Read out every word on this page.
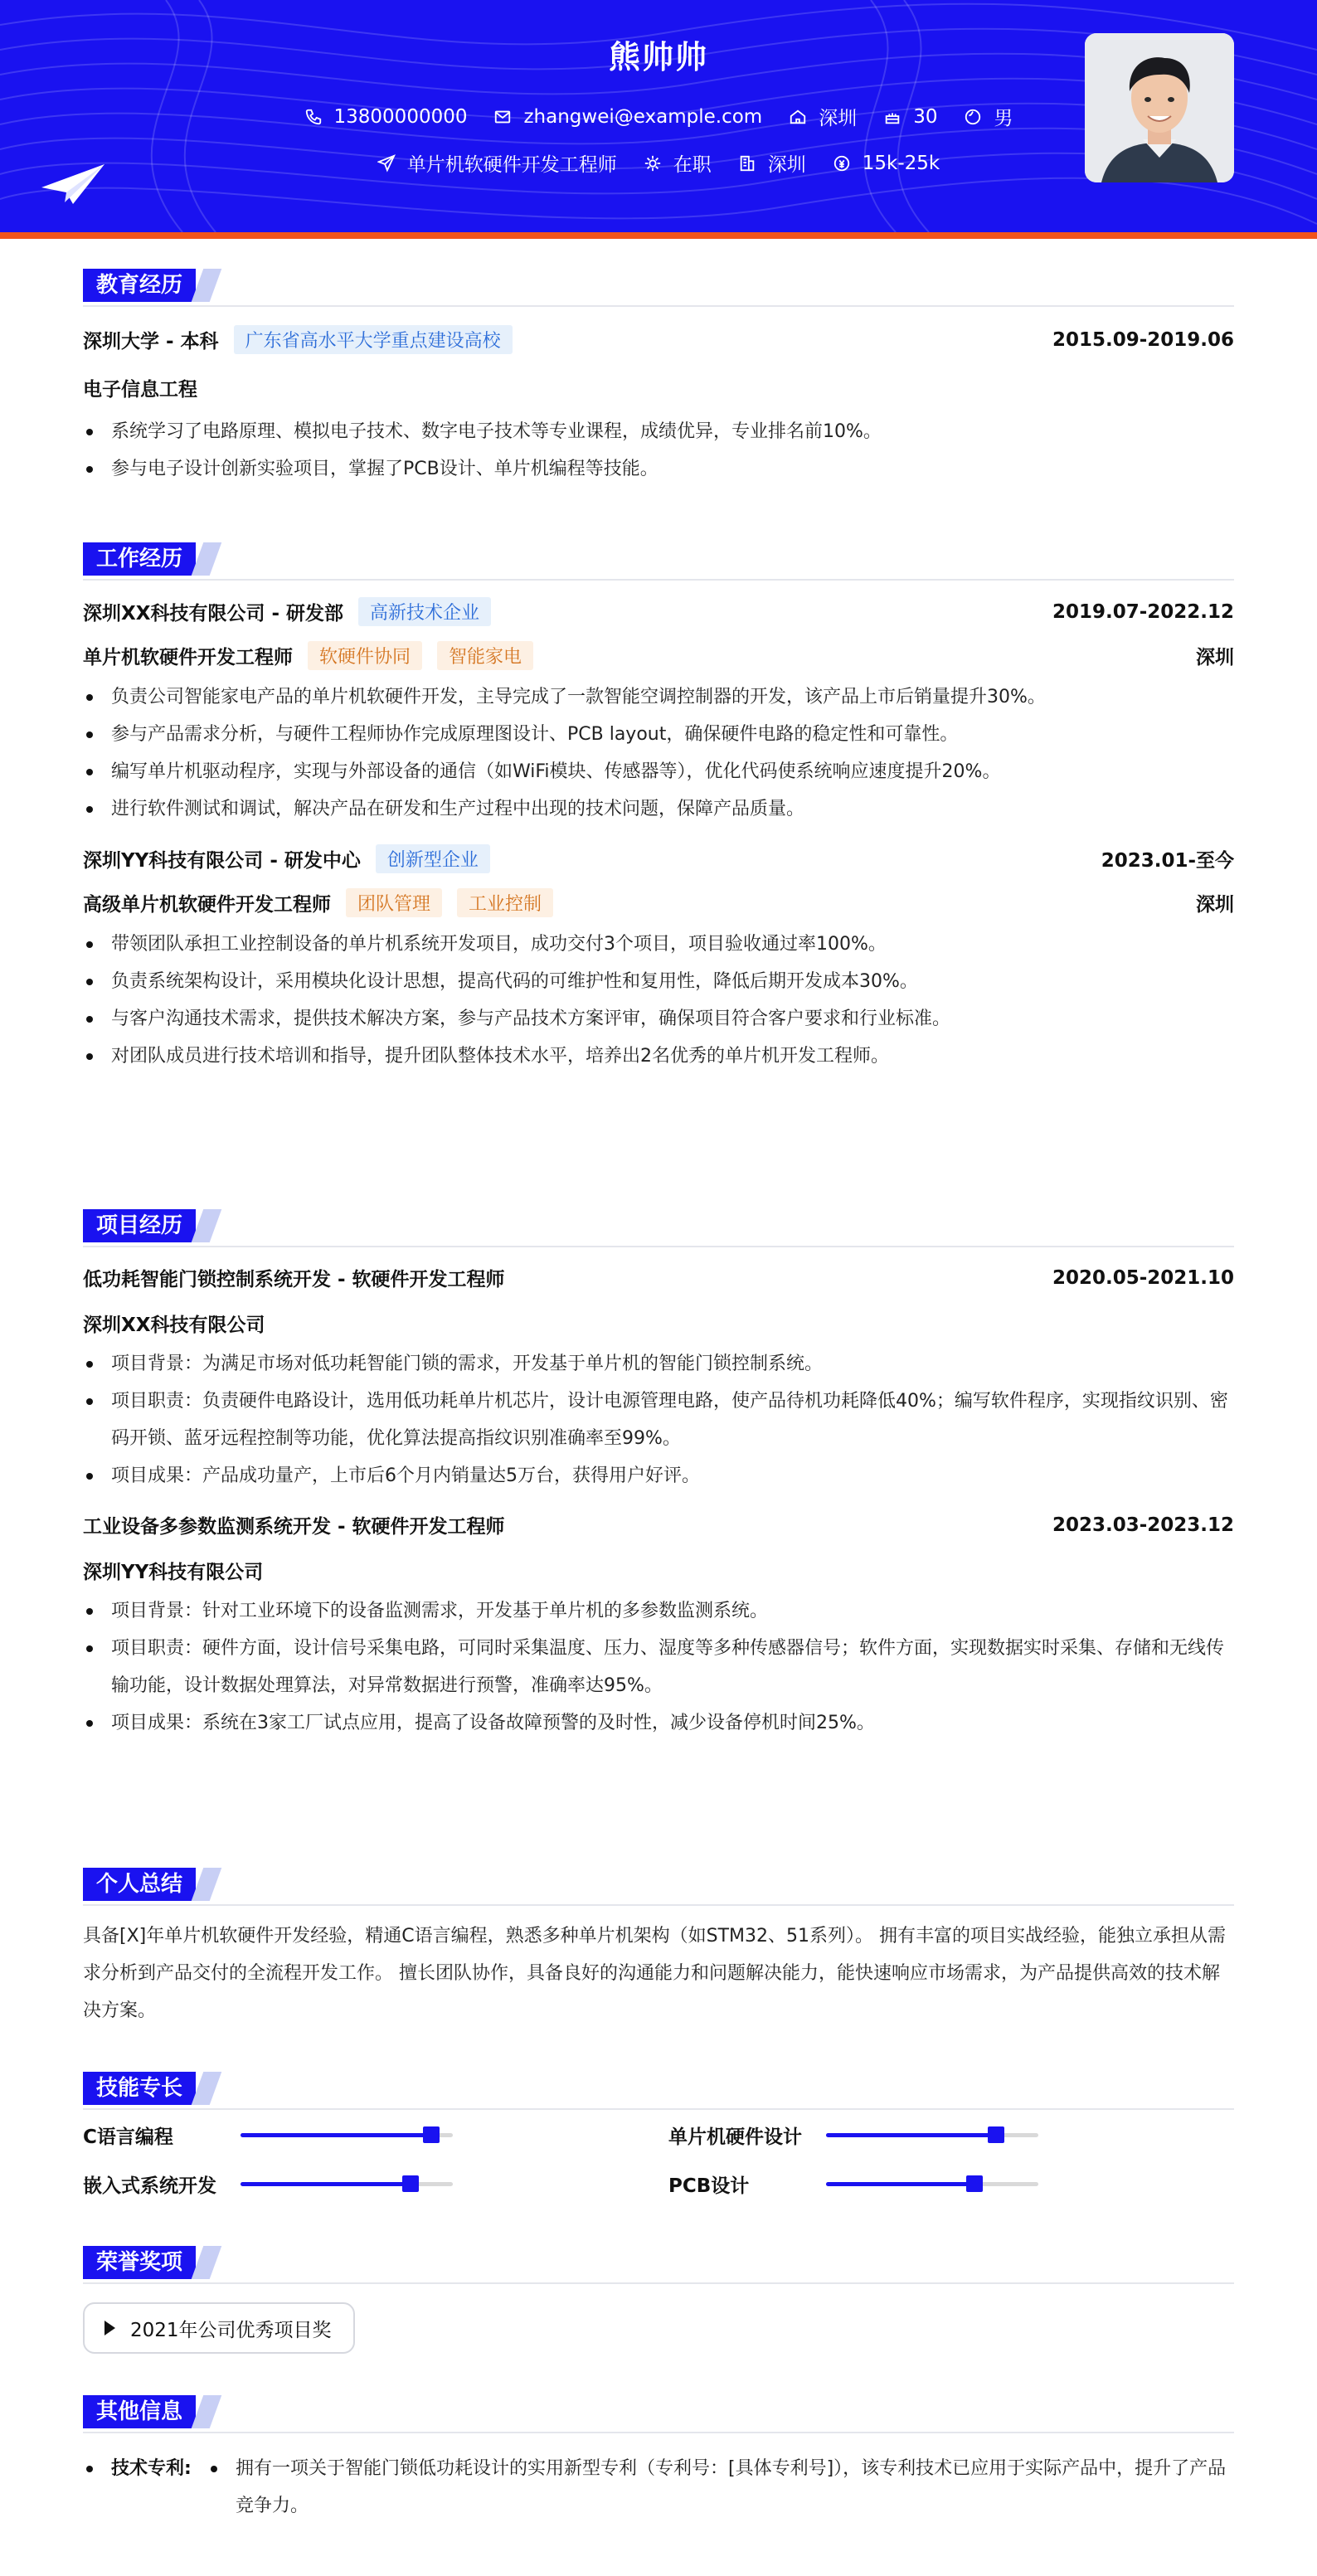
熊帅帅
13800000000	zhangwei@example.com	深圳	30	男
单片机软硬件开发工程师	在职	深圳	15k-25k
教育经历
深圳大学 - 本科	广东省高水平大学重点建设高校	2015.09-2019.06
电子信息工程
系统学习了电路原理、模拟电子技术、数字电子技术等专业课程，成绩优异，专业排名前10%。
参与电子设计创新实验项目，掌握了PCB设计、单片机编程等技能。
工作经历
深圳XX科技有限公司 - 研发部	高新技术企业	2019.07-2022.12
单片机软硬件开发工程师	软硬件协同	智能家电	深圳
负责公司智能家电产品的单片机软硬件开发，主导完成了一款智能空调控制器的开发，该产品上市后销量提升30%。
参与产品需求分析，与硬件工程师协作完成原理图设计、PCB layout，确保硬件电路的稳定性和可靠性。
编写单片机驱动程序，实现与外部设备的通信（如WiFi模块、传感器等），优化代码使系统响应速度提升20%。
进行软件测试和调试，解决产品在研发和生产过程中出现的技术问题，保障产品质量。
深圳YY科技有限公司 - 研发中心	创新型企业	2023.01-至今
高级单片机软硬件开发工程师	团队管理	工业控制	深圳
带领团队承担工业控制设备的单片机系统开发项目，成功交付3个项目，项目验收通过率100%。
负责系统架构设计，采用模块化设计思想，提高代码的可维护性和复用性，降低后期开发成本30%。
与客户沟通技术需求，提供技术解决方案，参与产品技术方案评审，确保项目符合客户要求和行业标准。
对团队成员进行技术培训和指导，提升团队整体技术水平，培养出2名优秀的单片机开发工程师。
项目经历
低功耗智能门锁控制系统开发 - 软硬件开发工程师	2020.05-2021.10
深圳XX科技有限公司
项目背景：为满足市场对低功耗智能门锁的需求，开发基于单片机的智能门锁控制系统。
项目职责：负责硬件电路设计，选用低功耗单片机芯片，设计电源管理电路，使产品待机功耗降低40%；编写软件程序，实现指纹识别、密码开锁、蓝牙远程控制等功能，优化算法提高指纹识别准确率至99%。
项目成果：产品成功量产，上市后6个月内销量达5万台，获得用户好评。
工业设备多参数监测系统开发 - 软硬件开发工程师	2023.03-2023.12
深圳YY科技有限公司
项目背景：针对工业环境下的设备监测需求，开发基于单片机的多参数监测系统。
项目职责：硬件方面，设计信号采集电路，可同时采集温度、压力、湿度等多种传感器信号；软件方面，实现数据实时采集、存储和无线传输功能，设计数据处理算法，对异常数据进行预警，准确率达95%。
项目成果：系统在3家工厂试点应用，提高了设备故障预警的及时性，减少设备停机时间25%。
个人总结
具备[X]年单片机软硬件开发经验，精通C语言编程，熟悉多种单片机架构（如STM32、51系列）。 拥有丰富的项目实战经验，能独立承担从需求分析到产品交付的全流程开发工作。 擅长团队协作，具备良好的沟通能力和问题解决能力，能快速响应市场需求，为产品提供高效的技术解决方案。
技能专长
C语言编程	单片机硬件设计
嵌入式系统开发	PCB设计
荣誉奖项
2021年公司优秀项目奖
其他信息
技术专利:	拥有一项关于智能门锁低功耗设计的实用新型专利（专利号：[具体专利号]），该专利技术已应用于实际产品中，提升了产品竞争力。
